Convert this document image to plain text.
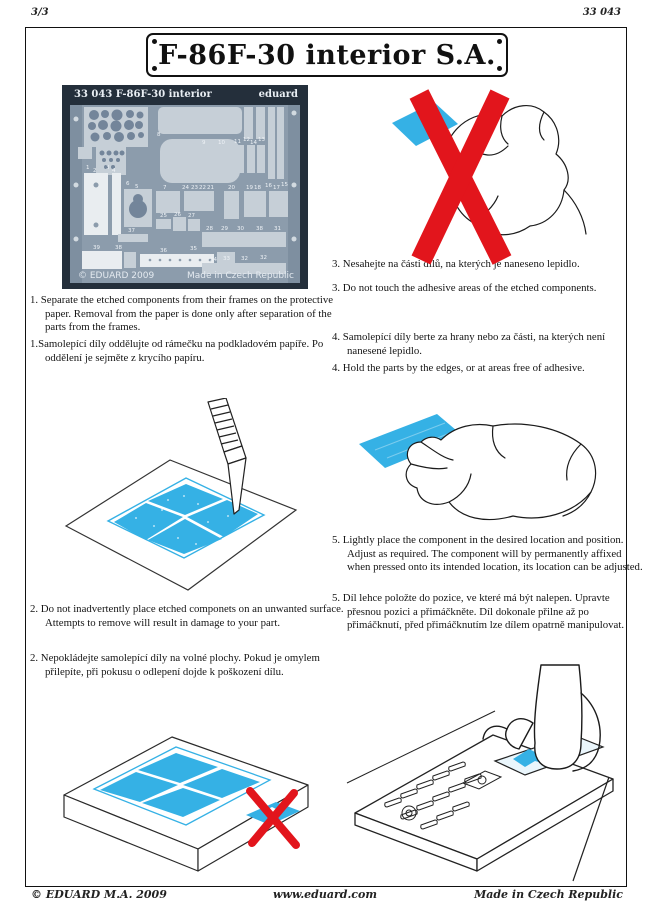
3/3	33 043
F-86F-30 interior S.A.
33 043 F-86F-30 interior	eduard
1 2 3 4
6 5
8
9 10 11 12 14 13
7	24 23 22 21	20 19 18 16 17 15
25 26 27
37	28 29 30 38 31
39	38	36	35
34 33 32 32
© EDUARD 2009	Made in Czech Republic
1. Separate the etched components from their frames on the protective paper. Removal from the paper is done only after separation of the parts from the frames.
1.Samolepící díly oddělujte od rámečku na podkladovém papíře. Po oddělení je sejměte z krycího papíru.
3. Nesahejte na části dílů, na kterých je naneseno lepidlo.
3. Do not touch the adhesive areas of the etched components.
4. Samolepící díly berte za hrany nebo za části, na kterých není nanesené lepidlo.
4. Hold the parts by the edges, or at areas free of adhesive.
5. Lightly place the component in the desired location and position. Adjust as required. The component will by permanently affixed when pressed onto its intended location, its location can be adjusted.
5. Díl lehce položte do pozice, ve které má být nalepen. Upravte přesnou pozici a přimáčkněte. Díl dokonale přilne až po přimáčknutí, před přimáčknutím lze dílem opatrně manipulovat.
2. Do not inadvertently place etched componets on an unwanted surface. Attempts to remove will result in damage to your part.
2. Nepokládejte samolepící díly na volné plochy. Pokud je omylem přilepíte, při pokusu o odlepení dojde k poškození dílu.
© EDUARD M.A. 2009	www.eduard.com	Made in Czech Republic
